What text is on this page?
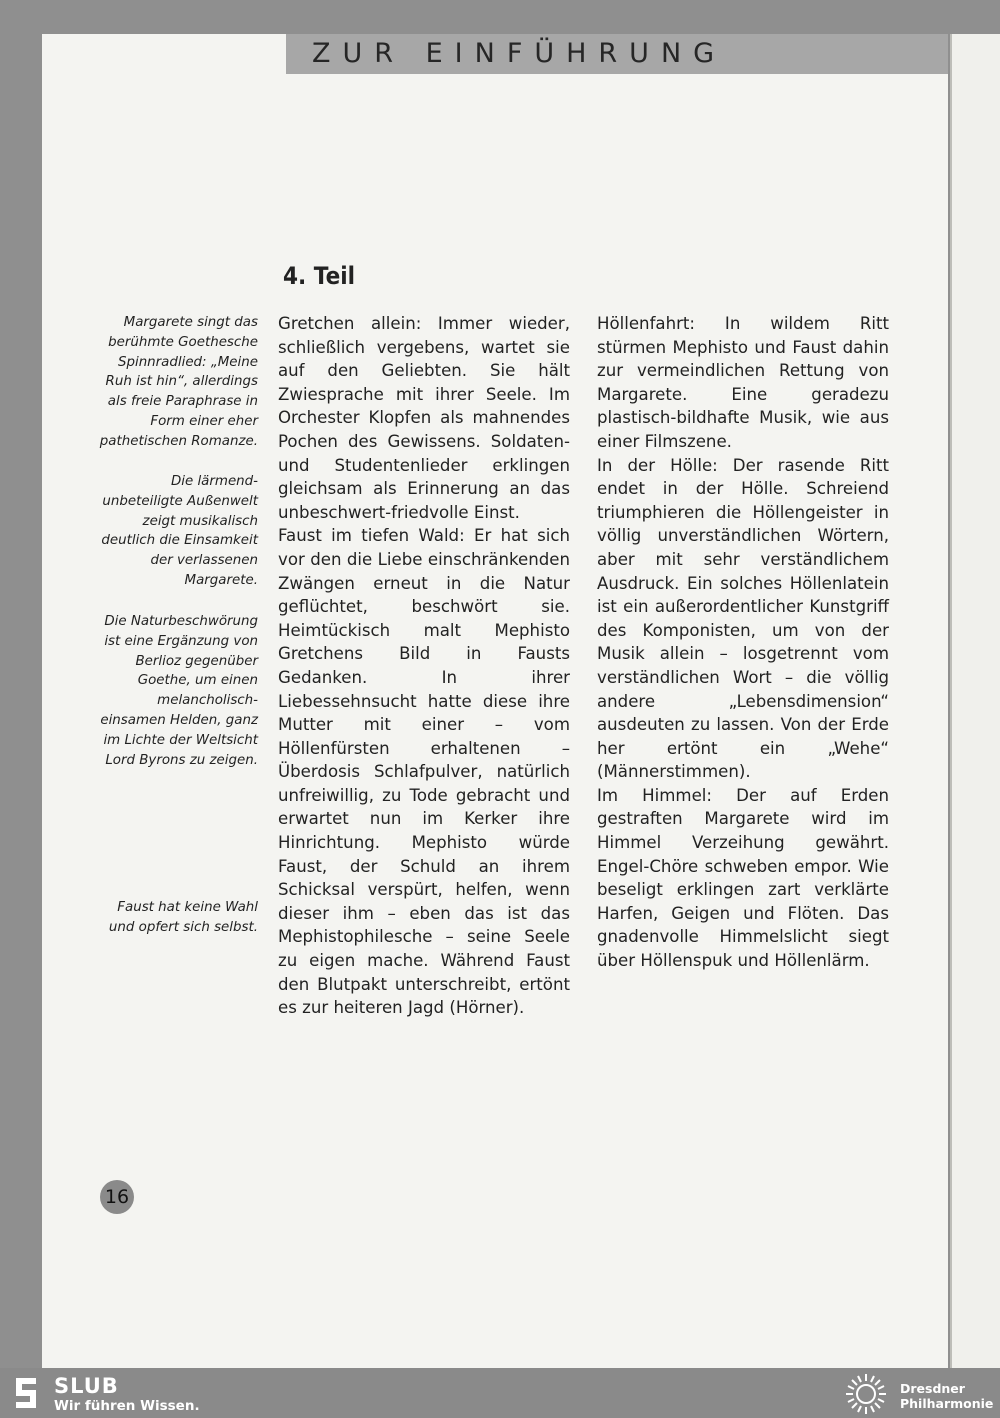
ZUR EINFÜHRUNG
4. Teil
Margarete singt das berühmte Goethesche Spinnradlied: „Meine Ruh ist hin“, allerdings als freie Paraphrase in Form einer eher pathetischen Romanze.
Die lärmend-unbeteiligte Außenwelt zeigt musikalisch deutlich die Einsamkeit der verlassenen Margarete.
Die Naturbeschwörung ist eine Ergänzung von Berlioz gegenüber Goethe, um einen melancholisch-einsamen Helden, ganz im Lichte der Weltsicht Lord Byrons zu zeigen.
Faust hat keine Wahl und opfert sich selbst.

Gretchen allein: Immer wieder, schließlich vergebens, wartet sie auf den Geliebten. Sie hält Zwiesprache mit ihrer Seele. Im Orchester Klopfen als mahnendes Pochen des Gewissens. Soldaten- und Studentenlieder erklingen gleichsam als Erinnerung an das unbeschwert-friedvolle Einst.

Faust im tiefen Wald: Er hat sich vor den die Liebe einschränkenden Zwängen erneut in die Natur geflüchtet, beschwört sie. Heimtückisch malt Mephisto Gretchens Bild in Fausts Gedanken. In ihrer Liebessehnsucht hatte diese ihre Mutter mit einer – vom Höllenfürsten erhaltenen – Überdosis Schlafpulver, natürlich unfreiwillig, zu Tode gebracht und erwartet nun im Kerker ihre Hinrichtung. Mephisto würde Faust, der Schuld an ihrem Schicksal verspürt, helfen, wenn dieser ihm – eben das ist das Mephistophilesche – seine Seele zu eigen mache. Während Faust den Blutpakt unterschreibt, ertönt es zur heiteren Jagd (Hörner).

Höllenfahrt: In wildem Ritt stürmen Mephisto und Faust dahin zur vermeindlichen Rettung von Margarete. Eine geradezu plastisch-bildhafte Musik, wie aus einer Filmszene.

In der Hölle: Der rasende Ritt endet in der Hölle. Schreiend triumphieren die Höllengeister in völlig unverständlichen Wörtern, aber mit sehr verständlichem Ausdruck. Ein solches Höllenlatein ist ein außerordentlicher Kunstgriff des Komponisten, um von der Musik allein – losgetrennt vom verständlichen Wort – die völlig andere „Lebensdimension“ ausdeuten zu lassen. Von der Erde her ertönt ein „Wehe“ (Männerstimmen).

Im Himmel: Der auf Erden gestraften Margarete wird im Himmel Verzeihung gewährt. Engel-Chöre schweben empor. Wie beseligt erklingen zart verklärte Harfen, Geigen und Flöten. Das gnadenvolle Himmelslicht siegt über Höllenspuk und Höllenlärm.

16
SLUB
Wir führen Wissen.
Dresdner
Philharmonie
